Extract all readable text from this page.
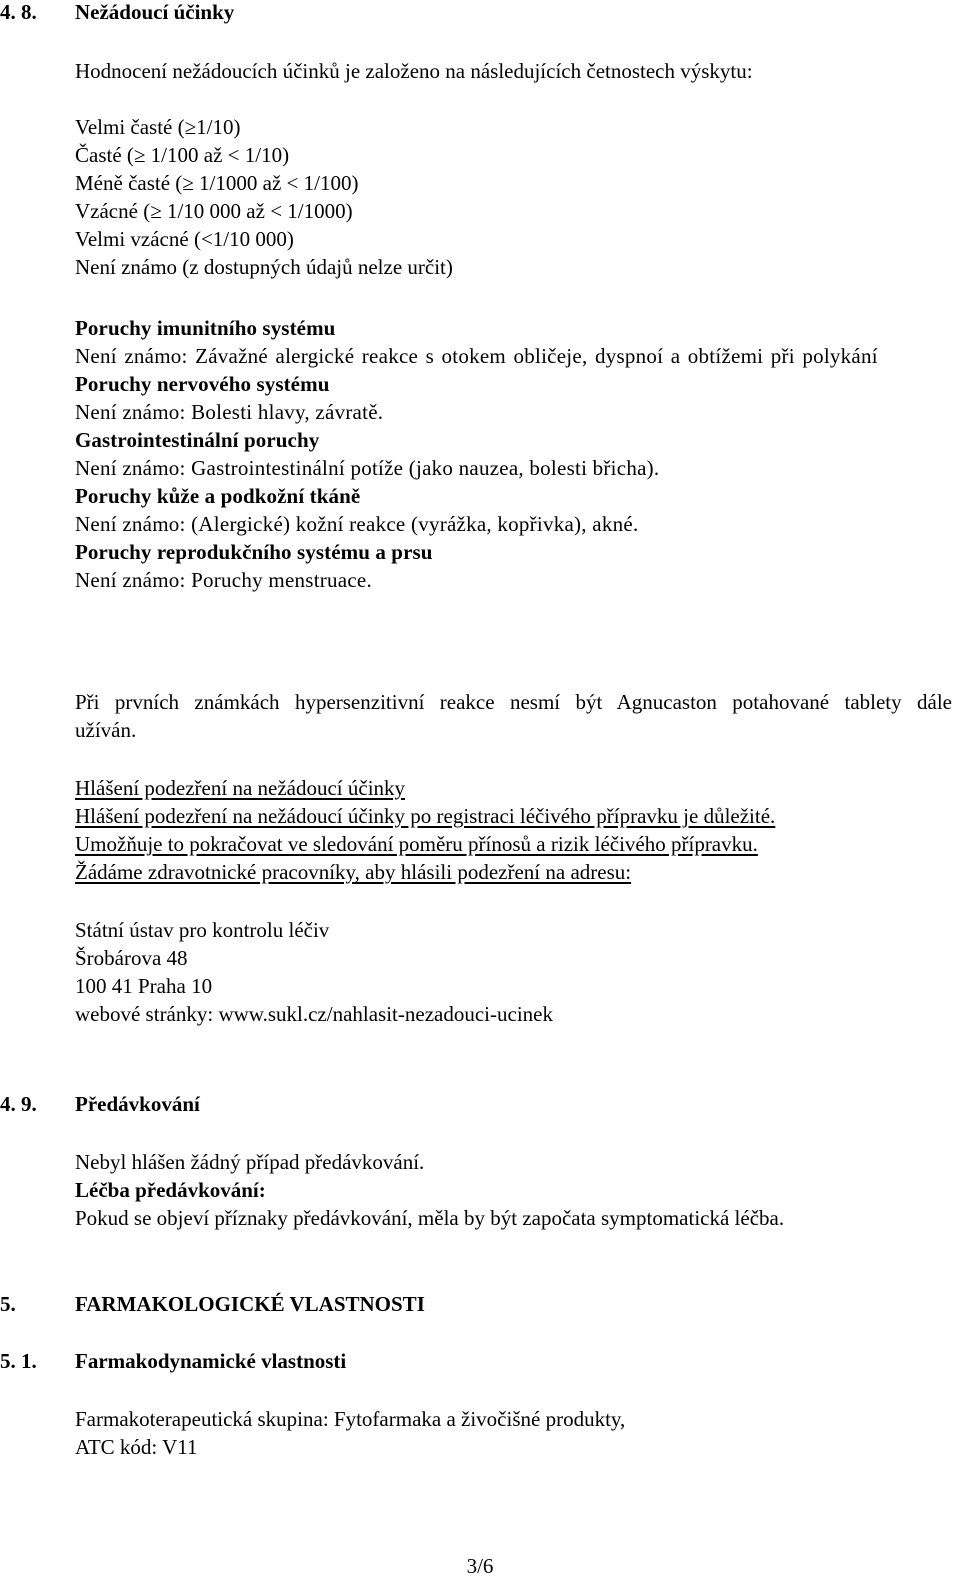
4. 8. Nežádoucí účinky
Hodnocení nežádoucích účinků je založeno na následujících četnostech výskytu:
Velmi časté (≥1/10)
Časté (≥ 1/100 až < 1/10)
Méně časté (≥ 1/1000 až < 1/100)
Vzácné (≥ 1/10 000 až < 1/1000)
Velmi vzácné (<1/10 000)
Není známo (z dostupných údajů nelze určit)
Poruchy imunitního systému
Není známo: Závažné alergické reakce s otokem obličeje, dyspnoí a obtížemi při polykání
Poruchy nervového systému
Není známo: Bolesti hlavy, závratě.
Gastrointestinální poruchy
Není známo: Gastrointestinální potíže (jako nauzea, bolesti břicha).
Poruchy kůže a podkožní tkáně
Není známo: (Alergické) kožní reakce (vyrážka, kopřivka), akné.
Poruchy reprodukčního systému a prsu
Není známo: Poruchy menstruace.
Při prvních známkách hypersenzitivní reakce nesmí být Agnucaston potahované tablety dále užíván.
Hlášení podezření na nežádoucí účinky
Hlášení podezření na nežádoucí účinky po registraci léčivého přípravku je důležité.
Umožňuje to pokračovat ve sledování poměru přínosů a rizik léčivého přípravku.
Žádáme zdravotnické pracovníky, aby hlásili podezření na adresu:
Státní ústav pro kontrolu léčiv
Šrobárova 48
100 41 Praha 10
webové stránky: www.sukl.cz/nahlasit-nezadouci-ucinek
4. 9. Předávkování
Nebyl hlášen žádný případ předávkování.
Léčba předávkování:
Pokud se objeví příznaky předávkování, měla by být započata symptomatická léčba.
5.	FARMAKOLOGICKÉ VLASTNOSTI
5. 1. Farmakodynamické vlastnosti
Farmakoterapeutická skupina: Fytofarmaka a živočišné produkty,
ATC kód: V11
3/6
